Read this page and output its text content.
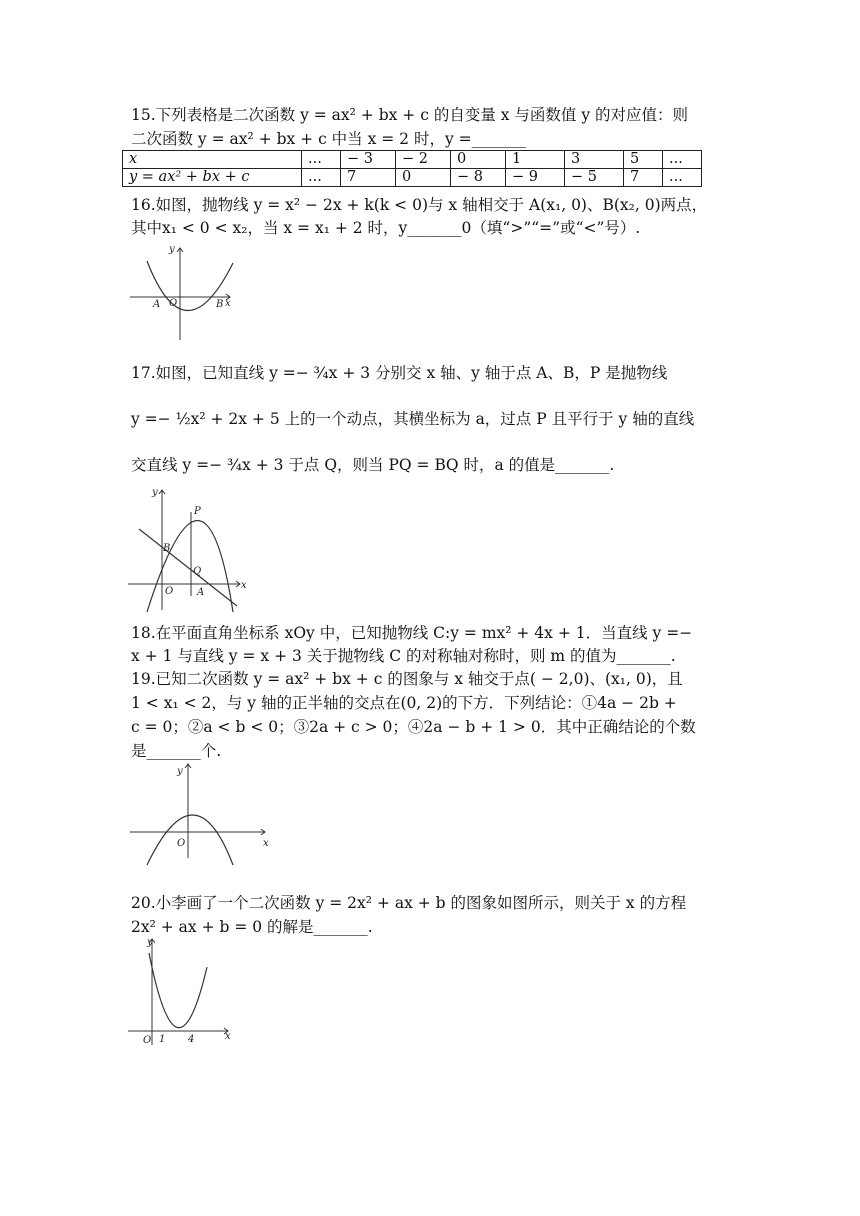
15.下列表格是二次函数 y = ax² + bx + c 的自变量 x 与函数值 y 的对应值：则
二次函数 y = ax² + bx + c 中当 x = 2 时，y =_______
x	...	− 3	− 2	0	1	3	5	...
y = ax² + bx + c	...	7	0	− 8	− 9	− 5	7	...
16.如图，抛物线 y = x² − 2x + k(k < 0)与 x 轴相交于 A(x₁, 0)、B(x₂, 0)两点，
其中x₁ < 0 < x₂，当 x = x₁ + 2 时，y_______0（填“>”“=”或“<”号）.
y
x
A O	B
17.如图，已知直线 y =− ¾x + 3 分别交 x 轴、y 轴于点 A、B，P 是抛物线
y =− ½x² + 2x + 5 上的一个动点，其横坐标为 a，过点 P 且平行于 y 轴的直线
交直线 y =− ¾x + 3 于点 Q，则当 PQ = BQ 时，a 的值是_______.
y
x
P
B
Q
O A
18.在平面直角坐标系 xOy 中，已知抛物线 C:y = mx² + 4x + 1．当直线 y =−
x + 1 与直线 y = x + 3 关于抛物线 C 的对称轴对称时，则 m 的值为_______.
19.已知二次函数 y = ax² + bx + c 的图象与 x 轴交于点( − 2,0)、(x₁, 0)，且
1 < x₁ < 2，与 y 轴的正半轴的交点在(0, 2)的下方．下列结论：①4a − 2b +
c = 0；②a < b < 0；③2a + c > 0；④2a − b + 1 > 0．其中正确结论的个数
是_______个.
y
x
O
20.小李画了一个二次函数 y = 2x² + ax + b 的图象如图所示，则关于 x 的方程
2x² + ax + b = 0 的解是_______.
y
x
O 1 4
